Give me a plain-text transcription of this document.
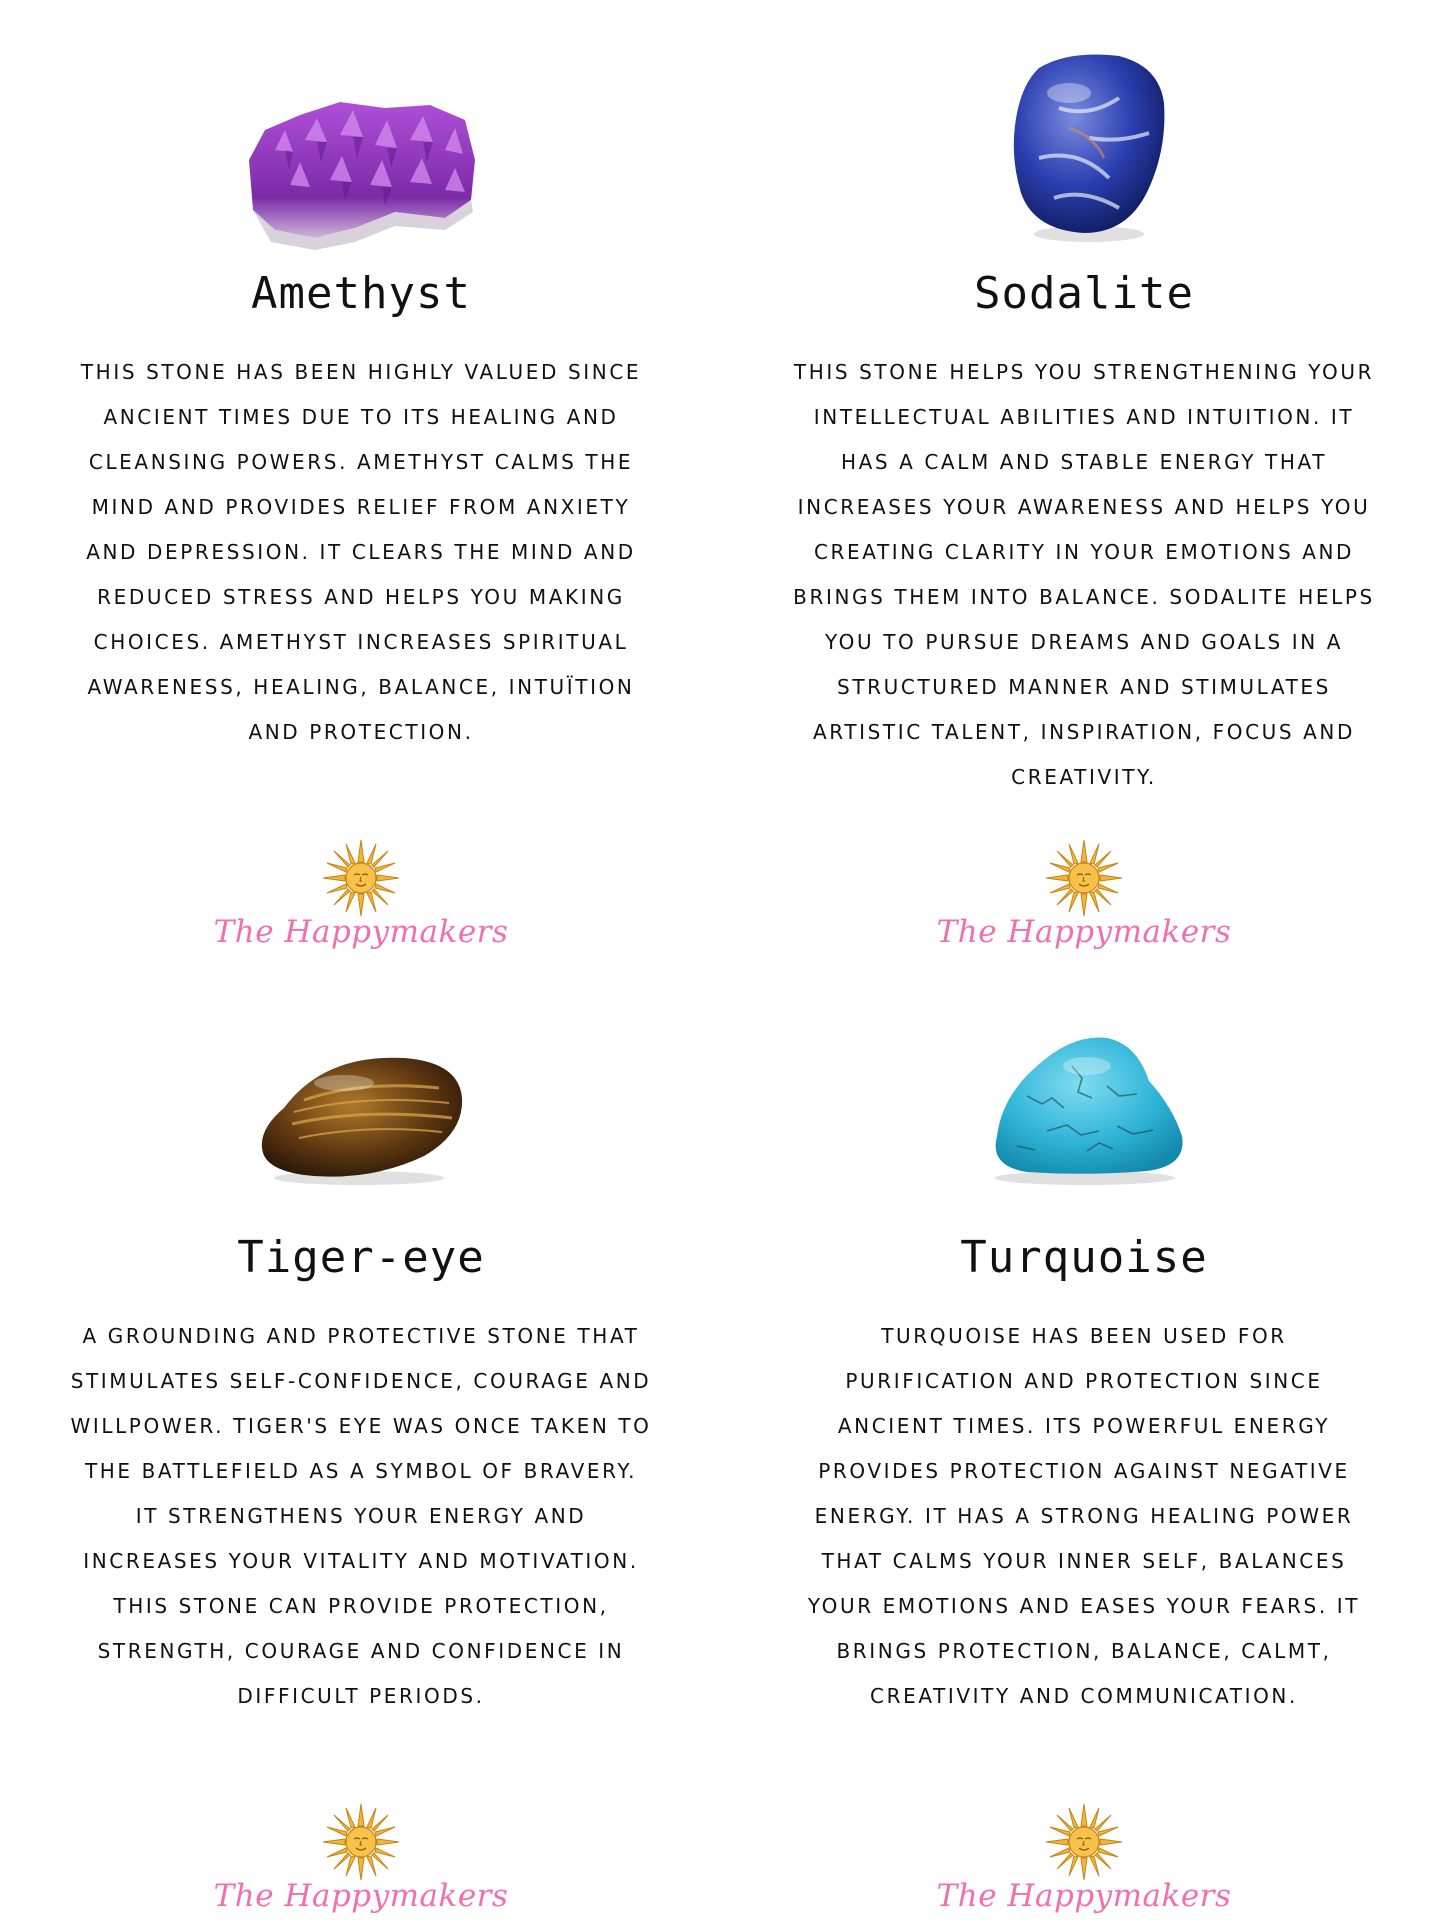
Amethyst

THIS STONE HAS BEEN HIGHLY VALUED SINCE ANCIENT TIMES DUE TO ITS HEALING AND CLEANSING POWERS. AMETHYST CALMS THE MIND AND PROVIDES RELIEF FROM ANXIETY AND DEPRESSION. IT CLEARS THE MIND AND REDUCED STRESS AND HELPS YOU MAKING CHOICES. AMETHYST INCREASES SPIRITUAL AWARENESS, HEALING, BALANCE, INTUÏTION AND PROTECTION.

The Happymakers
Sodalite

THIS STONE HELPS YOU STRENGTHENING YOUR INTELLECTUAL ABILITIES AND INTUITION. IT HAS A CALM AND STABLE ENERGY THAT INCREASES YOUR AWARENESS AND HELPS YOU CREATING CLARITY IN YOUR EMOTIONS AND BRINGS THEM INTO BALANCE. SODALITE HELPS YOU TO PURSUE DREAMS AND GOALS IN A STRUCTURED MANNER AND STIMULATES ARTISTIC TALENT, INSPIRATION, FOCUS AND CREATIVITY.

The Happymakers
Tiger-eye

A GROUNDING AND PROTECTIVE STONE THAT STIMULATES SELF-CONFIDENCE, COURAGE AND WILLPOWER. TIGER'S EYE WAS ONCE TAKEN TO THE BATTLEFIELD AS A SYMBOL OF BRAVERY. IT STRENGTHENS YOUR ENERGY AND INCREASES YOUR VITALITY AND MOTIVATION. THIS STONE CAN PROVIDE PROTECTION, STRENGTH, COURAGE AND CONFIDENCE IN DIFFICULT PERIODS.

The Happymakers
Turquoise

TURQUOISE HAS BEEN USED FOR PURIFICATION AND PROTECTION SINCE ANCIENT TIMES. ITS POWERFUL ENERGY PROVIDES PROTECTION AGAINST NEGATIVE ENERGY. IT HAS A STRONG HEALING POWER THAT CALMS YOUR INNER SELF, BALANCES YOUR EMOTIONS AND EASES YOUR FEARS. IT BRINGS PROTECTION, BALANCE, CALMT, CREATIVITY AND COMMUNICATION.

The Happymakers
